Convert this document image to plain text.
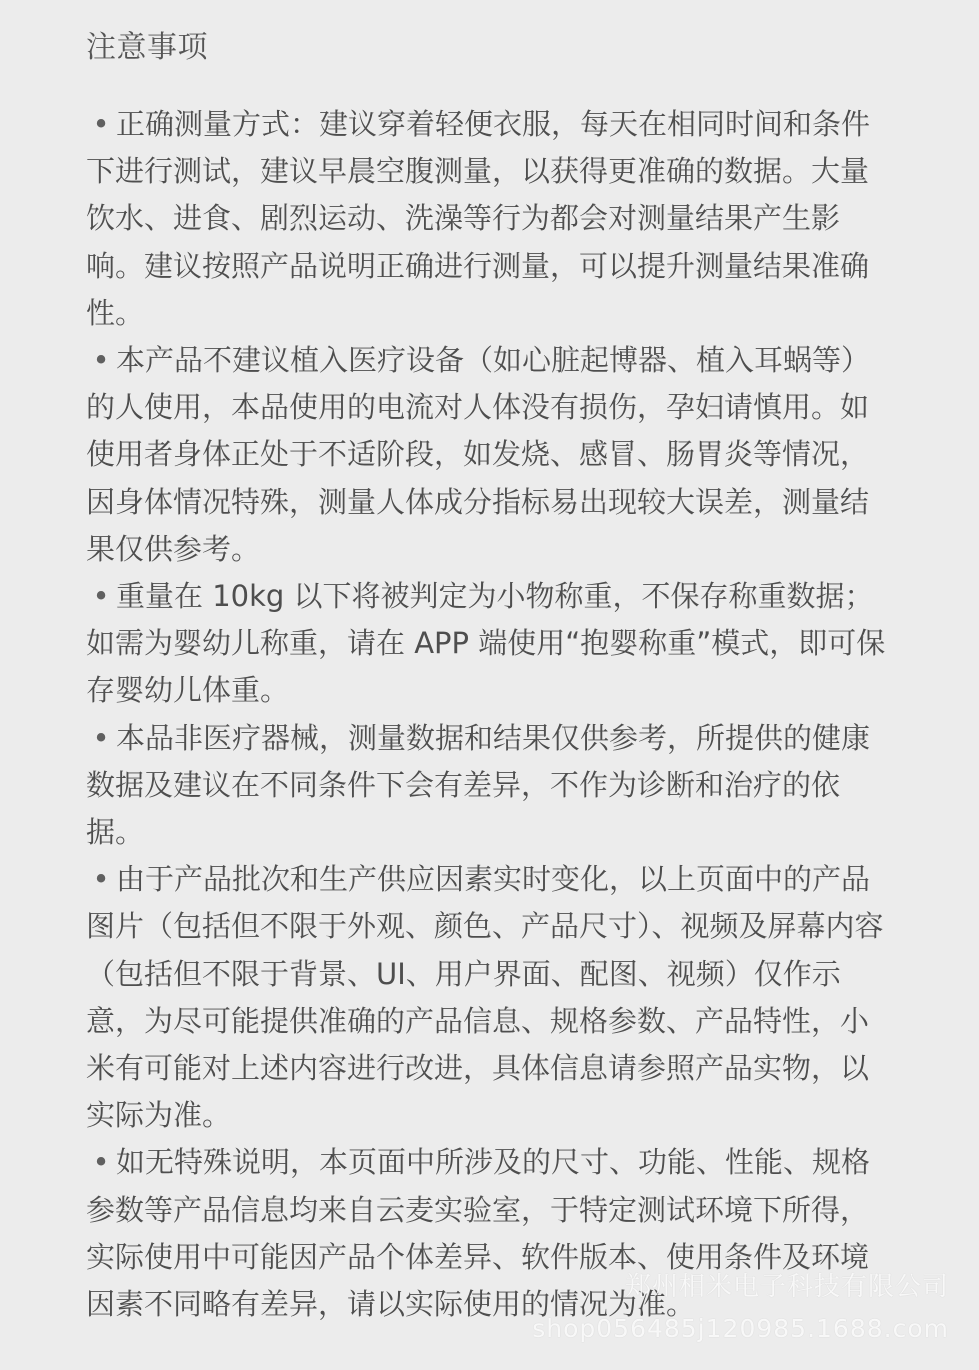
注意事项
• 正确测量方式：建议穿着轻便衣服，每天在相同时间和条件下进行测试，建议早晨空腹测量，以获得更准确的数据。大量饮水、进食、剧烈运动、洗澡等行为都会对测量结果产生影响。建议按照产品说明正确进行测量，可以提升测量结果准确性。
• 本产品不建议植入医疗设备（如心脏起博器、植入耳蜗等）的人使用，本品使用的电流对人体没有损伤，孕妇请慎用。如使用者身体正处于不适阶段，如发烧、感冒、肠胃炎等情况，因身体情况特殊，测量人体成分指标易出现较大误差，测量结果仅供参考。
• 重量在 10kg 以下将被判定为小物称重，不保存称重数据；如需为婴幼儿称重，请在 APP 端使用“抱婴称重”模式，即可保存婴幼儿体重。
• 本品非医疗器械，测量数据和结果仅供参考，所提供的健康数据及建议在不同条件下会有差异，不作为诊断和治疗的依据。
• 由于产品批次和生产供应因素实时变化，以上页面中的产品图片（包括但不限于外观、颜色、产品尺寸）、视频及屏幕内容（包括但不限于背景、UI、用户界面、配图、视频）仅作示意，为尽可能提供准确的产品信息、规格参数、产品特性，小米有可能对上述内容进行改进，具体信息请参照产品实物，以实际为准。
• 如无特殊说明，本页面中所涉及的尺寸、功能、性能、规格参数等产品信息均来自云麦实验室，于特定测试环境下所得，实际使用中可能因产品个体差异、软件版本、使用条件及环境因素不同略有差异，请以实际使用的情况为准。
郑州相米电子科技有限公司
shop056485j120985.1688.com
